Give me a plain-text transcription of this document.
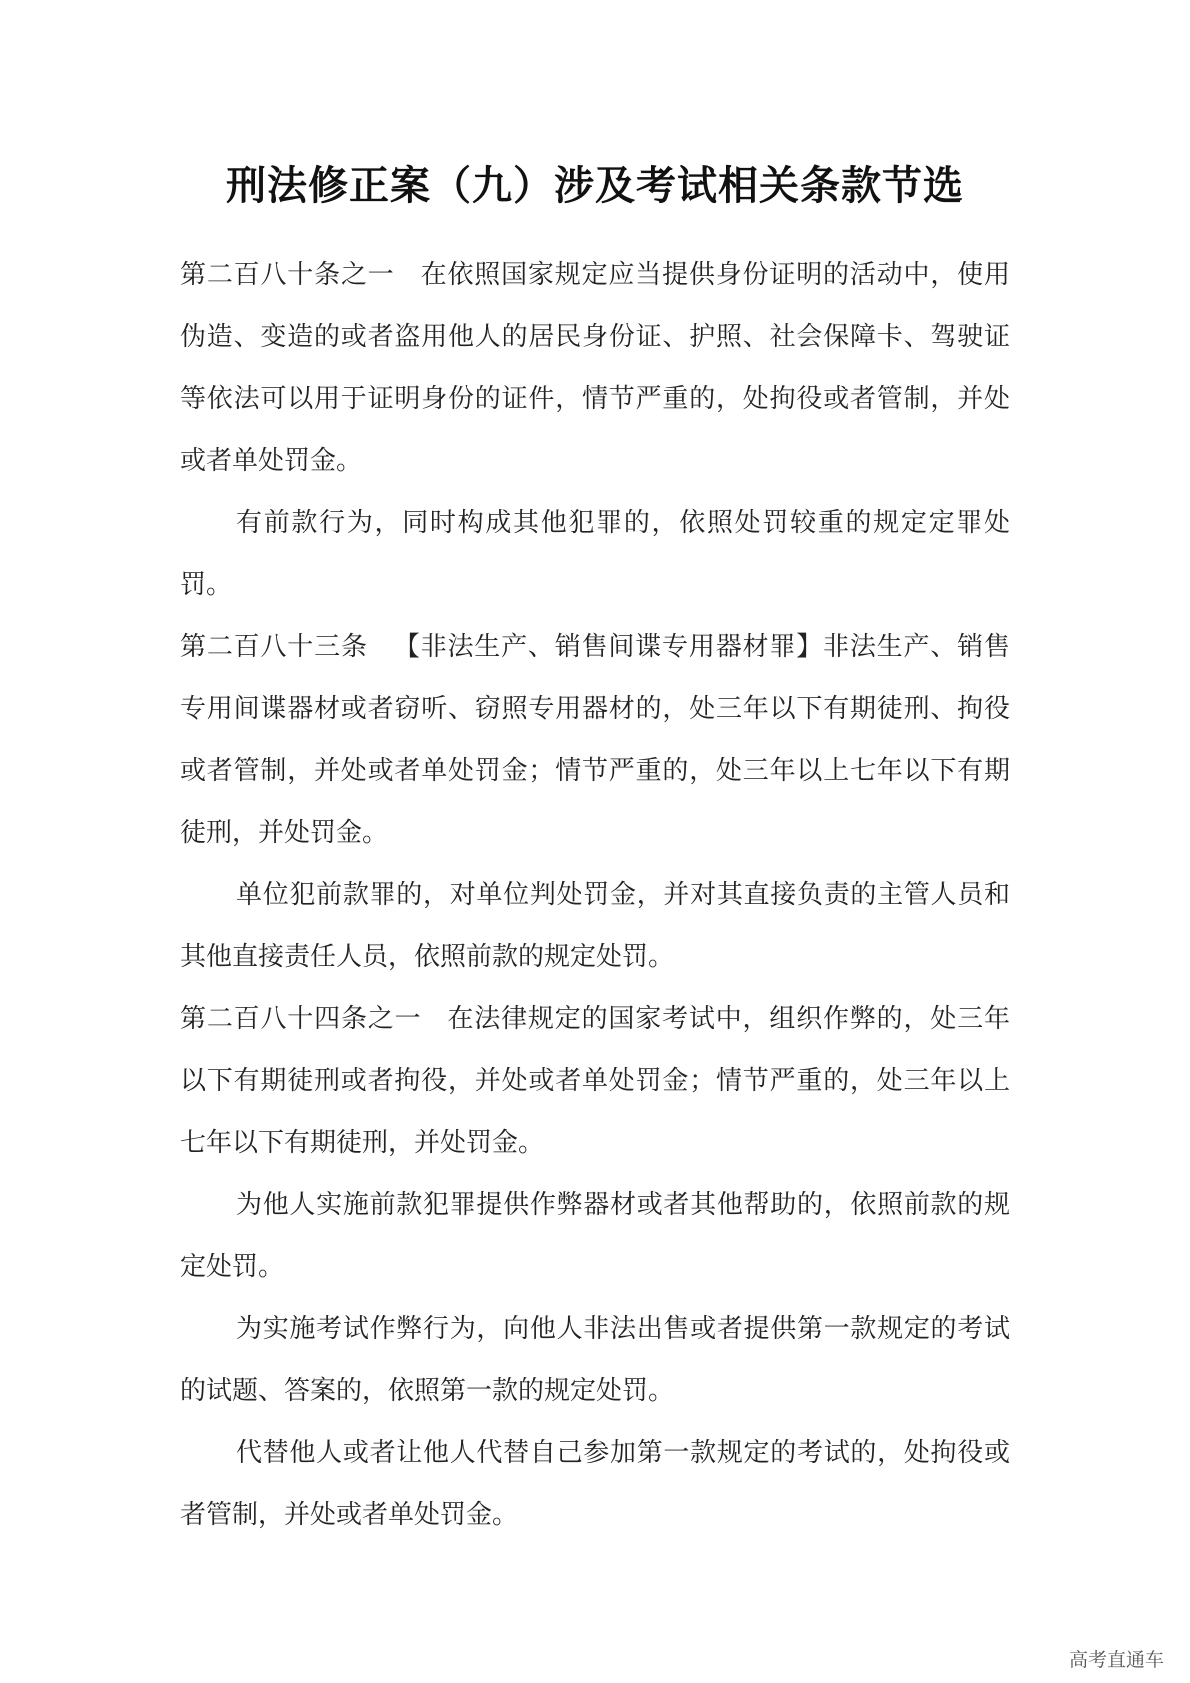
刑法修正案（九）涉及考试相关条款节选

第二百八十条之一 在依照国家规定应当提供身份证明的活动中，使用伪造、变造的或者盗用他人的居民身份证、护照、社会保障卡、驾驶证等依法可以用于证明身份的证件，情节严重的，处拘役或者管制，并处或者单处罚金。

有前款行为，同时构成其他犯罪的，依照处罚较重的规定定罪处罚。

第二百八十三条 【非法生产、销售间谍专用器材罪】非法生产、销售专用间谍器材或者窃听、窃照专用器材的，处三年以下有期徒刑、拘役或者管制，并处或者单处罚金；情节严重的，处三年以上七年以下有期徒刑，并处罚金。

单位犯前款罪的，对单位判处罚金，并对其直接负责的主管人员和其他直接责任人员，依照前款的规定处罚。

第二百八十四条之一 在法律规定的国家考试中，组织作弊的，处三年以下有期徒刑或者拘役，并处或者单处罚金；情节严重的，处三年以上七年以下有期徒刑，并处罚金。

为他人实施前款犯罪提供作弊器材或者其他帮助的，依照前款的规定处罚。

为实施考试作弊行为，向他人非法出售或者提供第一款规定的考试的试题、答案的，依照第一款的规定处罚。

代替他人或者让他人代替自己参加第一款规定的考试的，处拘役或者管制，并处或者单处罚金。

高考直通车
